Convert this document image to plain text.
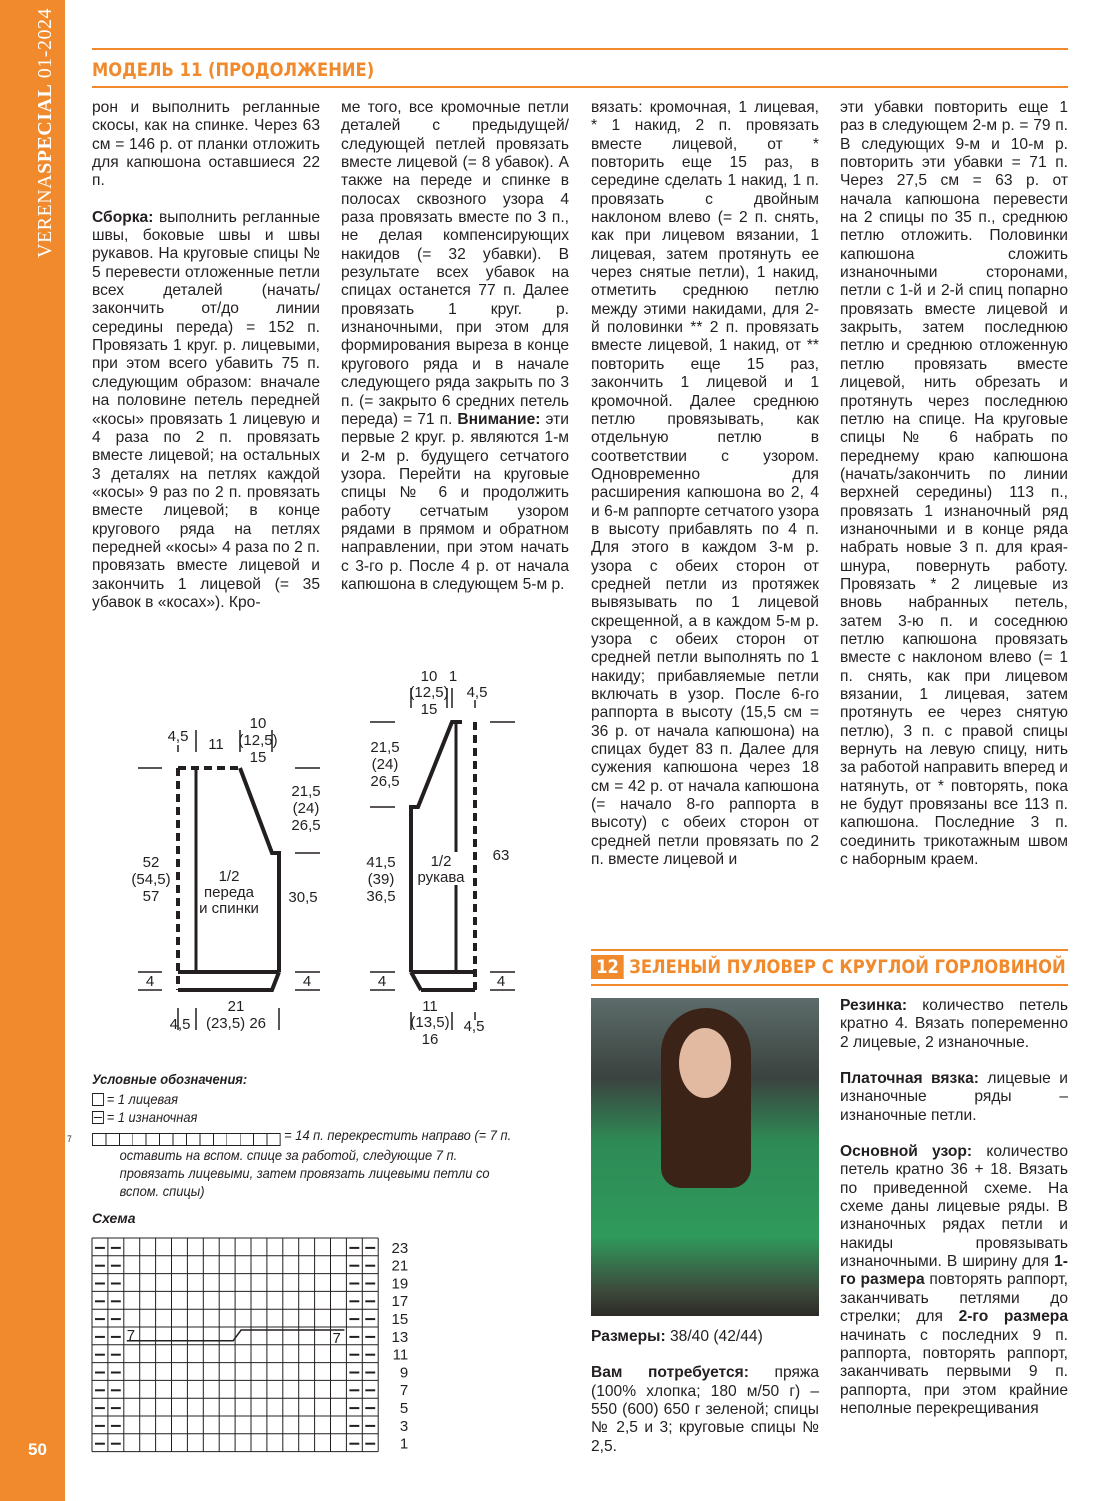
VERENASPECIAL 01-2024
50
МОДЕЛЬ 11 (ПРОДОЛЖЕНИЕ)

рон и выполнить регланные скосы, как на спинке. Через 63 см = 146 р. от планки отложить для капюшона оставшиеся 22 п.

Сборка: выполнить регланные швы, боковые швы и швы рукавов. На круговые спицы № 5 перевести отложенные петли всех деталей (начать/закончить от/до линии середины переда) = 152 п. Провязать 1 круг. р. лицевыми, при этом всего убавить 75 п. следующим образом: вначале на половине петель передней «косы» провязать 1 лицевую и 4 раза по 2 п. провязать вместе лицевой; на остальных 3 деталях на петлях каждой «косы» 9 раз по 2 п. провязать вместе лицевой; в конце кругового ряда на петлях передней «косы» 4 раза по 2 п. провязать вместе лицевой и закончить 1 лицевой (= 35 убавок в «косах»). Кро-

ме того, все кромочные петли деталей с предыдущей/следующей петлей провязать вместе лицевой (= 8 убавок). А также на переде и спинке в полосах сквозного узора 4 раза провязать вместе по 3 п., не делая компенсирующих накидов (= 32 убавки). В результате всех убавок на спицах останется 77 п. Далее провязать 1 круг. р. изнаночными, при этом для формирования выреза в конце кругового ряда и в начале следующего ряда закрыть по 3 п. (= закрыто 6 средних петель переда) = 71 п. Внимание: эти первые 2 круг. р. являются 1-м и 2-м р. будущего сетчатого узора. Перейти на круговые спицы № 6 и продолжить работу сетчатым узором рядами в прямом и обратном направлении, при этом начать с 3-го р. После 4 р. от начала капюшона в следующем 5-м р.

вязать: кромочная, 1 лицевая, * 1 накид, 2 п. провязать вместе лицевой, от * повторить еще 15 раз, в середине сделать 1 накид, 1 п. провязать с двойным наклоном влево (= 2 п. снять, как при лицевом вязании, 1 лицевая, затем протянуть ее через снятые петли), 1 накид, отметить среднюю петлю между этими накидами, для 2-й половинки ** 2 п. провязать вместе лицевой, 1 накид, от ** повторить еще 15 раз, закончить 1 лицевой и 1 кромочной. Далее среднюю петлю провязывать, как отдельную петлю в соответствии с узором. Одновременно для расширения капюшона во 2, 4 и 6-м раппорте сетчатого узора в высоту прибавлять по 4 п. Для этого в каждом 3-м р. узора с обеих сторон от средней петли из протяжек вывязывать по 1 лицевой скрещенной, а в каждом 5-м р. узора с обеих сторон от средней петли выполнять по 1 накиду; прибавляемые петли включать в узор. После 6-го раппорта в высоту (15,5 см = 36 р. от начала капюшона) на спицах будет 83 п. Далее для сужения капюшона через 18 см = 42 р. от начала капюшона (= начало 8-го раппорта в высоту) с обеих сторон от средней петли провязать по 2 п. вместе лицевой и

эти убавки повторить еще 1 раз в следующем 2-м р. = 79 п. В следующих 9-м и 10-м р. повторить эти убавки = 71 п. Через 27,5 см = 63 р. от начала капюшона перевести на 2 спицы по 35 п., среднюю петлю отложить. Половинки капюшона сложить изнаночными сторонами, петли с 1-й и 2-й спиц попарно провязать вместе лицевой и закрыть, затем последнюю петлю и среднюю отложенную петлю провязать вместе лицевой, нить обрезать и протянуть через последнюю петлю на спице. На круговые спицы № 6 набрать по переднему краю капюшона (начать/закончить по линии верхней середины) 113 п., провязать 1 изнаночный ряд изнаночными и в конце ряда набрать новые 3 п. для края-шнура, повернуть работу. Провязать * 2 лицевые из вновь набранных петель, затем 3-ю п. и соседнюю петлю капюшона провязать вместе с наклоном влево (= 1 п. снять, как при лицевом вязании, 1 лицевая, затем протянуть ее через снятую петлю), 3 п. с правой спицы вернуть на левую спицу, нить за работой направить вперед и натянуть, от * повторять, пока не будут провязаны все 113 п. капюшона. Последние 3 п. соединить трикотажным швом с наборным краем.

4,5 11
10
(12,5)
15
21,5
(24)
26,5
52
(54,5)
57
1/2
переда
и спинки
30,5
4	4
21
(23,5) 26
4,5
10
(12,5)
15
1
4,5
21,5
(24)
26,5
41,5
(39)
36,5
1/2
рукава
63
4	4
11
(13,5)
16
4,5
Условные обозначения:
= 1 лицевая
= 1 изнаночная
7	= 14 п. перекрестить направо (= 7 п. оставить на вспом. спице за работой, следующие 7 п. провязать лицевыми, затем провязать лицевыми петли со вспом. спицы)
Схема
23
21
19
17
15
13
7	7
11
9
7
5
3
1
12 ЗЕЛЕНЫЙ ПУЛОВЕР С КРУГЛОЙ ГОРЛОВИНОЙ

Размеры: 38/40 (42/44)

Вам потребуется: пряжа (100% хлопка; 180 м/50 г) – 550 (600) 650 г зеленой; спицы № 2,5 и 3; круговые спицы № 2,5.

Резинка: количество петель кратно 4. Вязать попеременно 2 лицевые, 2 изнаночные.

Платочная вязка: лицевые и изнаночные ряды – изнаночные петли.

Основной узор: количество петель кратно 36 + 18. Вязать по приведенной схеме. На схеме даны лицевые ряды. В изнаночных рядах петли и накиды провязывать изнаночными. В ширину для 1-го размера повторять раппорт, заканчивать петлями до стрелки; для 2-го размера начинать с последних 9 п. раппорта, повторять раппорт, заканчивать первыми 9 п. раппорта, при этом крайние неполные перекрещивания
